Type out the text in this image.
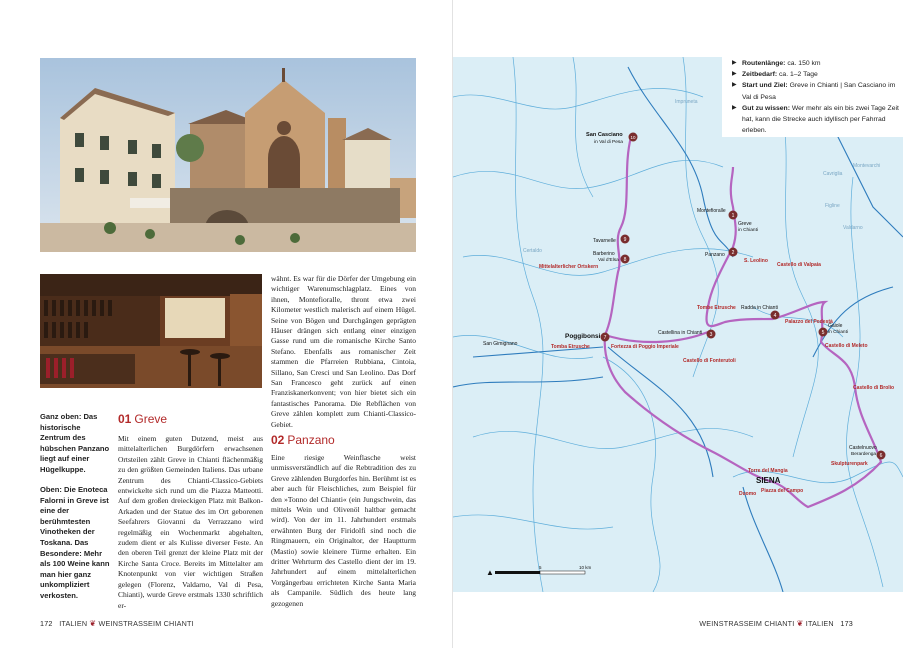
Ganz oben: Das historische Zentrum des hübschen Panzano liegt auf einer Hügelkuppe.
Oben: Die Enoteca Falorni in Greve ist eine der berühmtesten Vinotheken der Toskana. Das Besondere: Mehr als 100 Weine kann man hier ganz unkompliziert verkosten.
01 Greve
Mit einem guten Dutzend, meist aus mittelalterlichen Burgdörfern erwachsenen Ortsteilen zählt Greve in Chianti flächenmäßig zu den größten Gemeinden Italiens. Das urbane Zentrum des Chianti-Classico-Gebiets entwickelte sich rund um die Piazza Matteotti. Auf dem großen dreieckigen Platz mit Balkon-Arkaden und der Statue des im Ort geborenen Seefahrers Giovanni da Verrazzano wird regelmäßig ein Wochenmarkt abgehalten, zudem dient er als Kulisse diverser Feste. An den oberen Teil grenzt der kleine Platz mit der Kirche Santa Croce. Bereits im Mittelalter am Knotenpunkt von vier wichtigen Straßen gelegen (Florenz, Valdarno, Val di Pesa, Chianti), wurde Greve erstmals 1330 schriftlich er-
wähnt. Es war für die Dörfer der Umgebung ein wichtiger Warenumschlagplatz. Eines von ihnen, Montefioralle, thront etwa zwei Kilometer westlich malerisch auf einem Hügel. Seine von Bögen und Durchgängen geprägten Häuser drängen sich entlang einer einzigen Gasse rund um die romanische Kirche Santo Stefano. Ebenfalls aus romanischer Zeit stammen die Pfarreien Rubbiana, Cintoia, Sillano, San Cresci und San Leolino. Das Dorf San Francesco geht zurück auf einen Franziskanerkonvent; von hier bietet sich ein fantastisches Panorama. Die Rebflächen von Greve zählen komplett zum Chianti-Classico-Gebiet.
02 Panzano
Eine riesige Weinflasche weist unmissverständlich auf die Rebtradition des zu Greve zählenden Burgdorfes hin. Berühmt ist es aber auch für Fleischliches, zum Beispiel für den »Tonno del Chianti« (ein Jungschwein, das mittels Wein und Olivenöl haltbar gemacht wird). Von der im 11. Jahrhundert erstmals erwähnten Burg der Firidolfi sind noch die Ringmauern, ein Originaltor, der Hauptturm (Mastio) sowie kleinere Türme erhalten. Ein dritter Wehrturm des Castello dient der im 19. Jahrhundert auf einem mittelalterlichen Vorgängerbau errichteten Kirche Santa Maria als Campanile. Südlich des heute lang gezogenen
172 ITALIEN ❦ WEINSTRASSEIM CHIANTI
10
1
2
3
4
5
6
7
8
9
Impruneta
Certaldo
Figline
Valdarno
Cavriglia
Montevarchi
San Casciano
in Val di Pesa
Montefioralle
Greve
in Chianti
Tavarnelle
Barberino
Val d'Elsa
Panzano
Radda in Chianti
Gaiole
in Chianti
Castellina in Chianti
Poggibonsi
San Gimignano
SIENA
Castelnuovo
Berardenga
Mittelalterlicher Ortskern
S. Leolino
Castello di Valpaia
Tombe Etrusche
Palazzo del Podestà
Castello di Meleto
Tomba Etrusche	Fortezza di Poggio Imperiale
Castello di Fonterutoli
Castello di Brolio
Skulpturenpark
Torre del Mangia
Duomo Piazza del Campo
▲
5	10 km
▶ Routenlänge: ca. 150 km
▶ Zeitbedarf: ca. 1–2 Tage
▶ Start und Ziel: Greve in Chianti | San Casciano im Val di Pesa
▶ Gut zu wissen: Wer mehr als ein bis zwei Tage Zeit hat, kann die Strecke auch idyllisch per Fahrrad erleben.
WEINSTRASSEIM CHIANTI ❦ ITALIEN 173
